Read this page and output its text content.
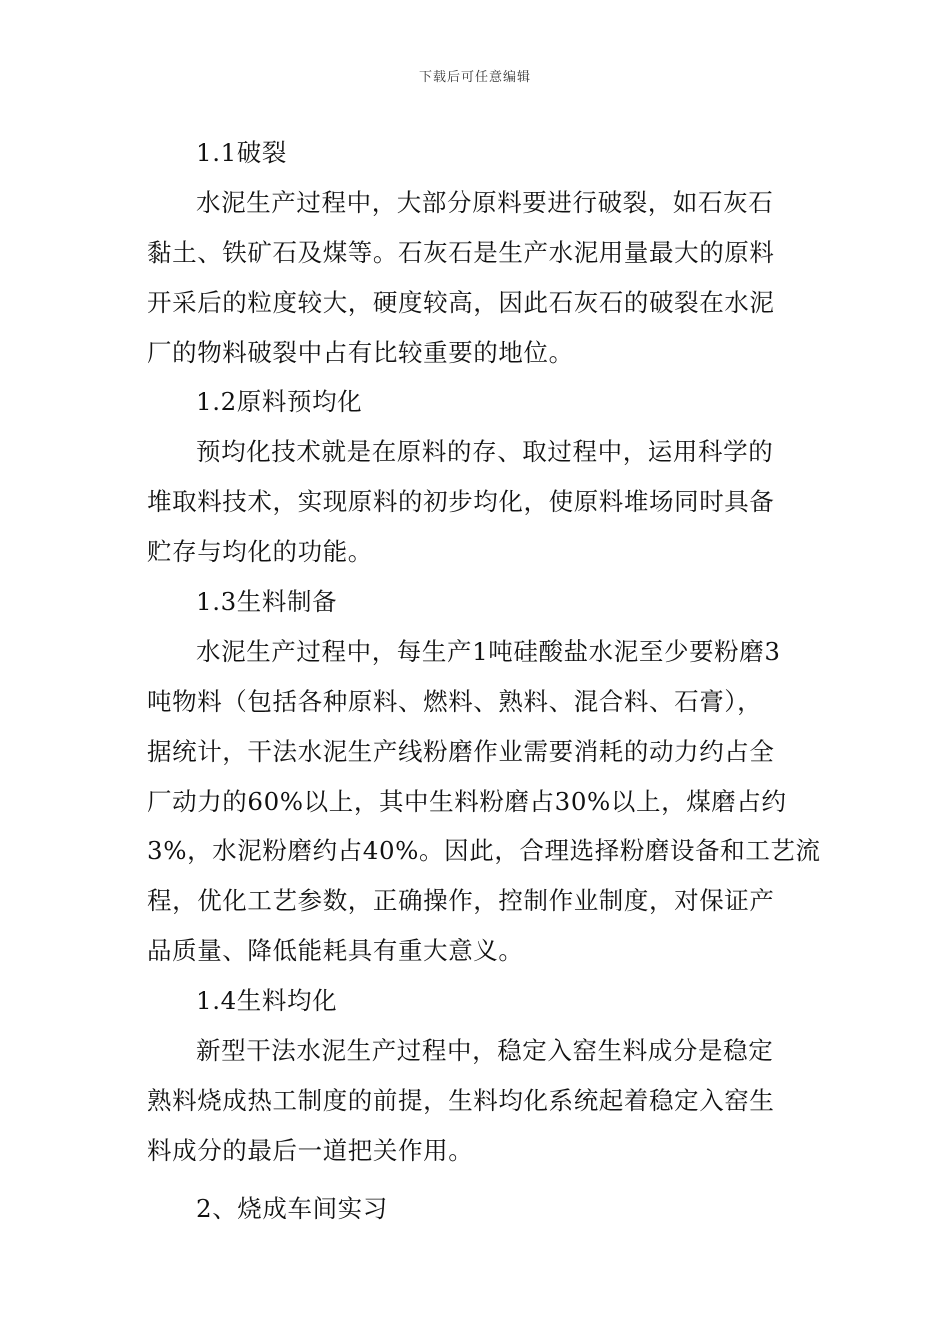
下载后可任意编辑
1.1破裂
水泥生产过程中，大部分原料要进行破裂，如石灰石
黏土、铁矿石及煤等。石灰石是生产水泥用量最大的原料
开采后的粒度较大，硬度较高，因此石灰石的破裂在水泥
厂的物料破裂中占有比较重要的地位。
1.2原料预均化
预均化技术就是在原料的存、取过程中，运用科学的
堆取料技术，实现原料的初步均化，使原料堆场同时具备
贮存与均化的功能。
1.3生料制备
水泥生产过程中，每生产1吨硅酸盐水泥至少要粉磨3
吨物料（包括各种原料、燃料、熟料、混合料、石膏），
据统计，干法水泥生产线粉磨作业需要消耗的动力约占全
厂动力的60%以上，其中生料粉磨占30%以上，煤磨占约
3%，水泥粉磨约占40%。因此，合理选择粉磨设备和工艺流
程，优化工艺参数，正确操作，控制作业制度，对保证产
品质量、降低能耗具有重大意义。
1.4生料均化
新型干法水泥生产过程中，稳定入窑生料成分是稳定
熟料烧成热工制度的前提，生料均化系统起着稳定入窑生
料成分的最后一道把关作用。
2、烧成车间实习
